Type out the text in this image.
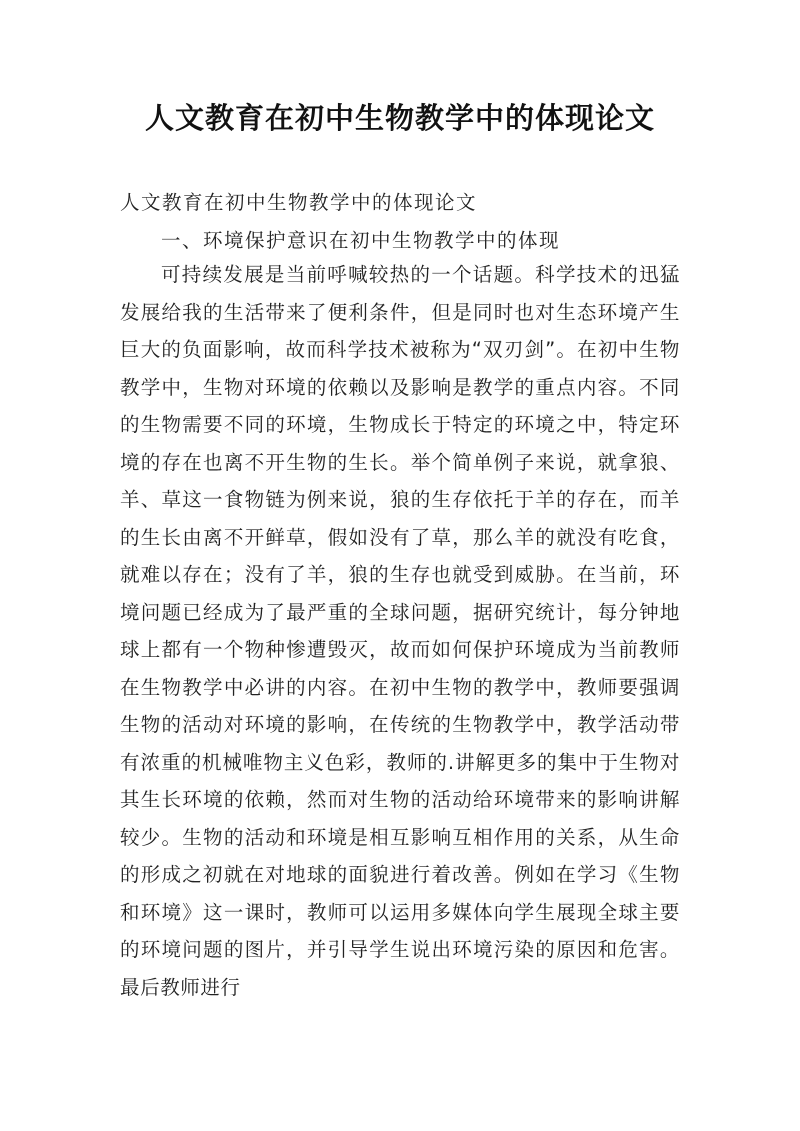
人文教育在初中生物教学中的体现论文
人文教育在初中生物教学中的体现论文
一、环境保护意识在初中生物教学中的体现
可持续发展是当前呼喊较热的一个话题。科学技术的迅猛发展给我的生活带来了便利条件，但是同时也对生态环境产生巨大的负面影响，故而科学技术被称为“双刃剑”。在初中生物教学中，生物对环境的依赖以及影响是教学的重点内容。不同的生物需要不同的环境，生物成长于特定的环境之中，特定环境的存在也离不开生物的生长。举个简单例子来说，就拿狼、羊、草这一食物链为例来说，狼的生存依托于羊的存在，而羊的生长由离不开鲜草，假如没有了草，那么羊的就没有吃食，就难以存在；没有了羊，狼的生存也就受到威胁。在当前，环境问题已经成为了最严重的全球问题，据研究统计，每分钟地球上都有一个物种惨遭毁灭，故而如何保护环境成为当前教师在生物教学中必讲的内容。在初中生物的教学中，教师要强调生物的活动对环境的影响，在传统的生物教学中，教学活动带有浓重的机械唯物主义色彩，教师的.讲解更多的集中于生物对其生长环境的依赖，然而对生物的活动给环境带来的影响讲解较少。生物的活动和环境是相互影响互相作用的关系，从生命的形成之初就在对地球的面貌进行着改善。例如在学习《生物和环境》这一课时，教师可以运用多媒体向学生展现全球主要的环境问题的图片，并引导学生说出环境污染的原因和危害。最后教师进行
